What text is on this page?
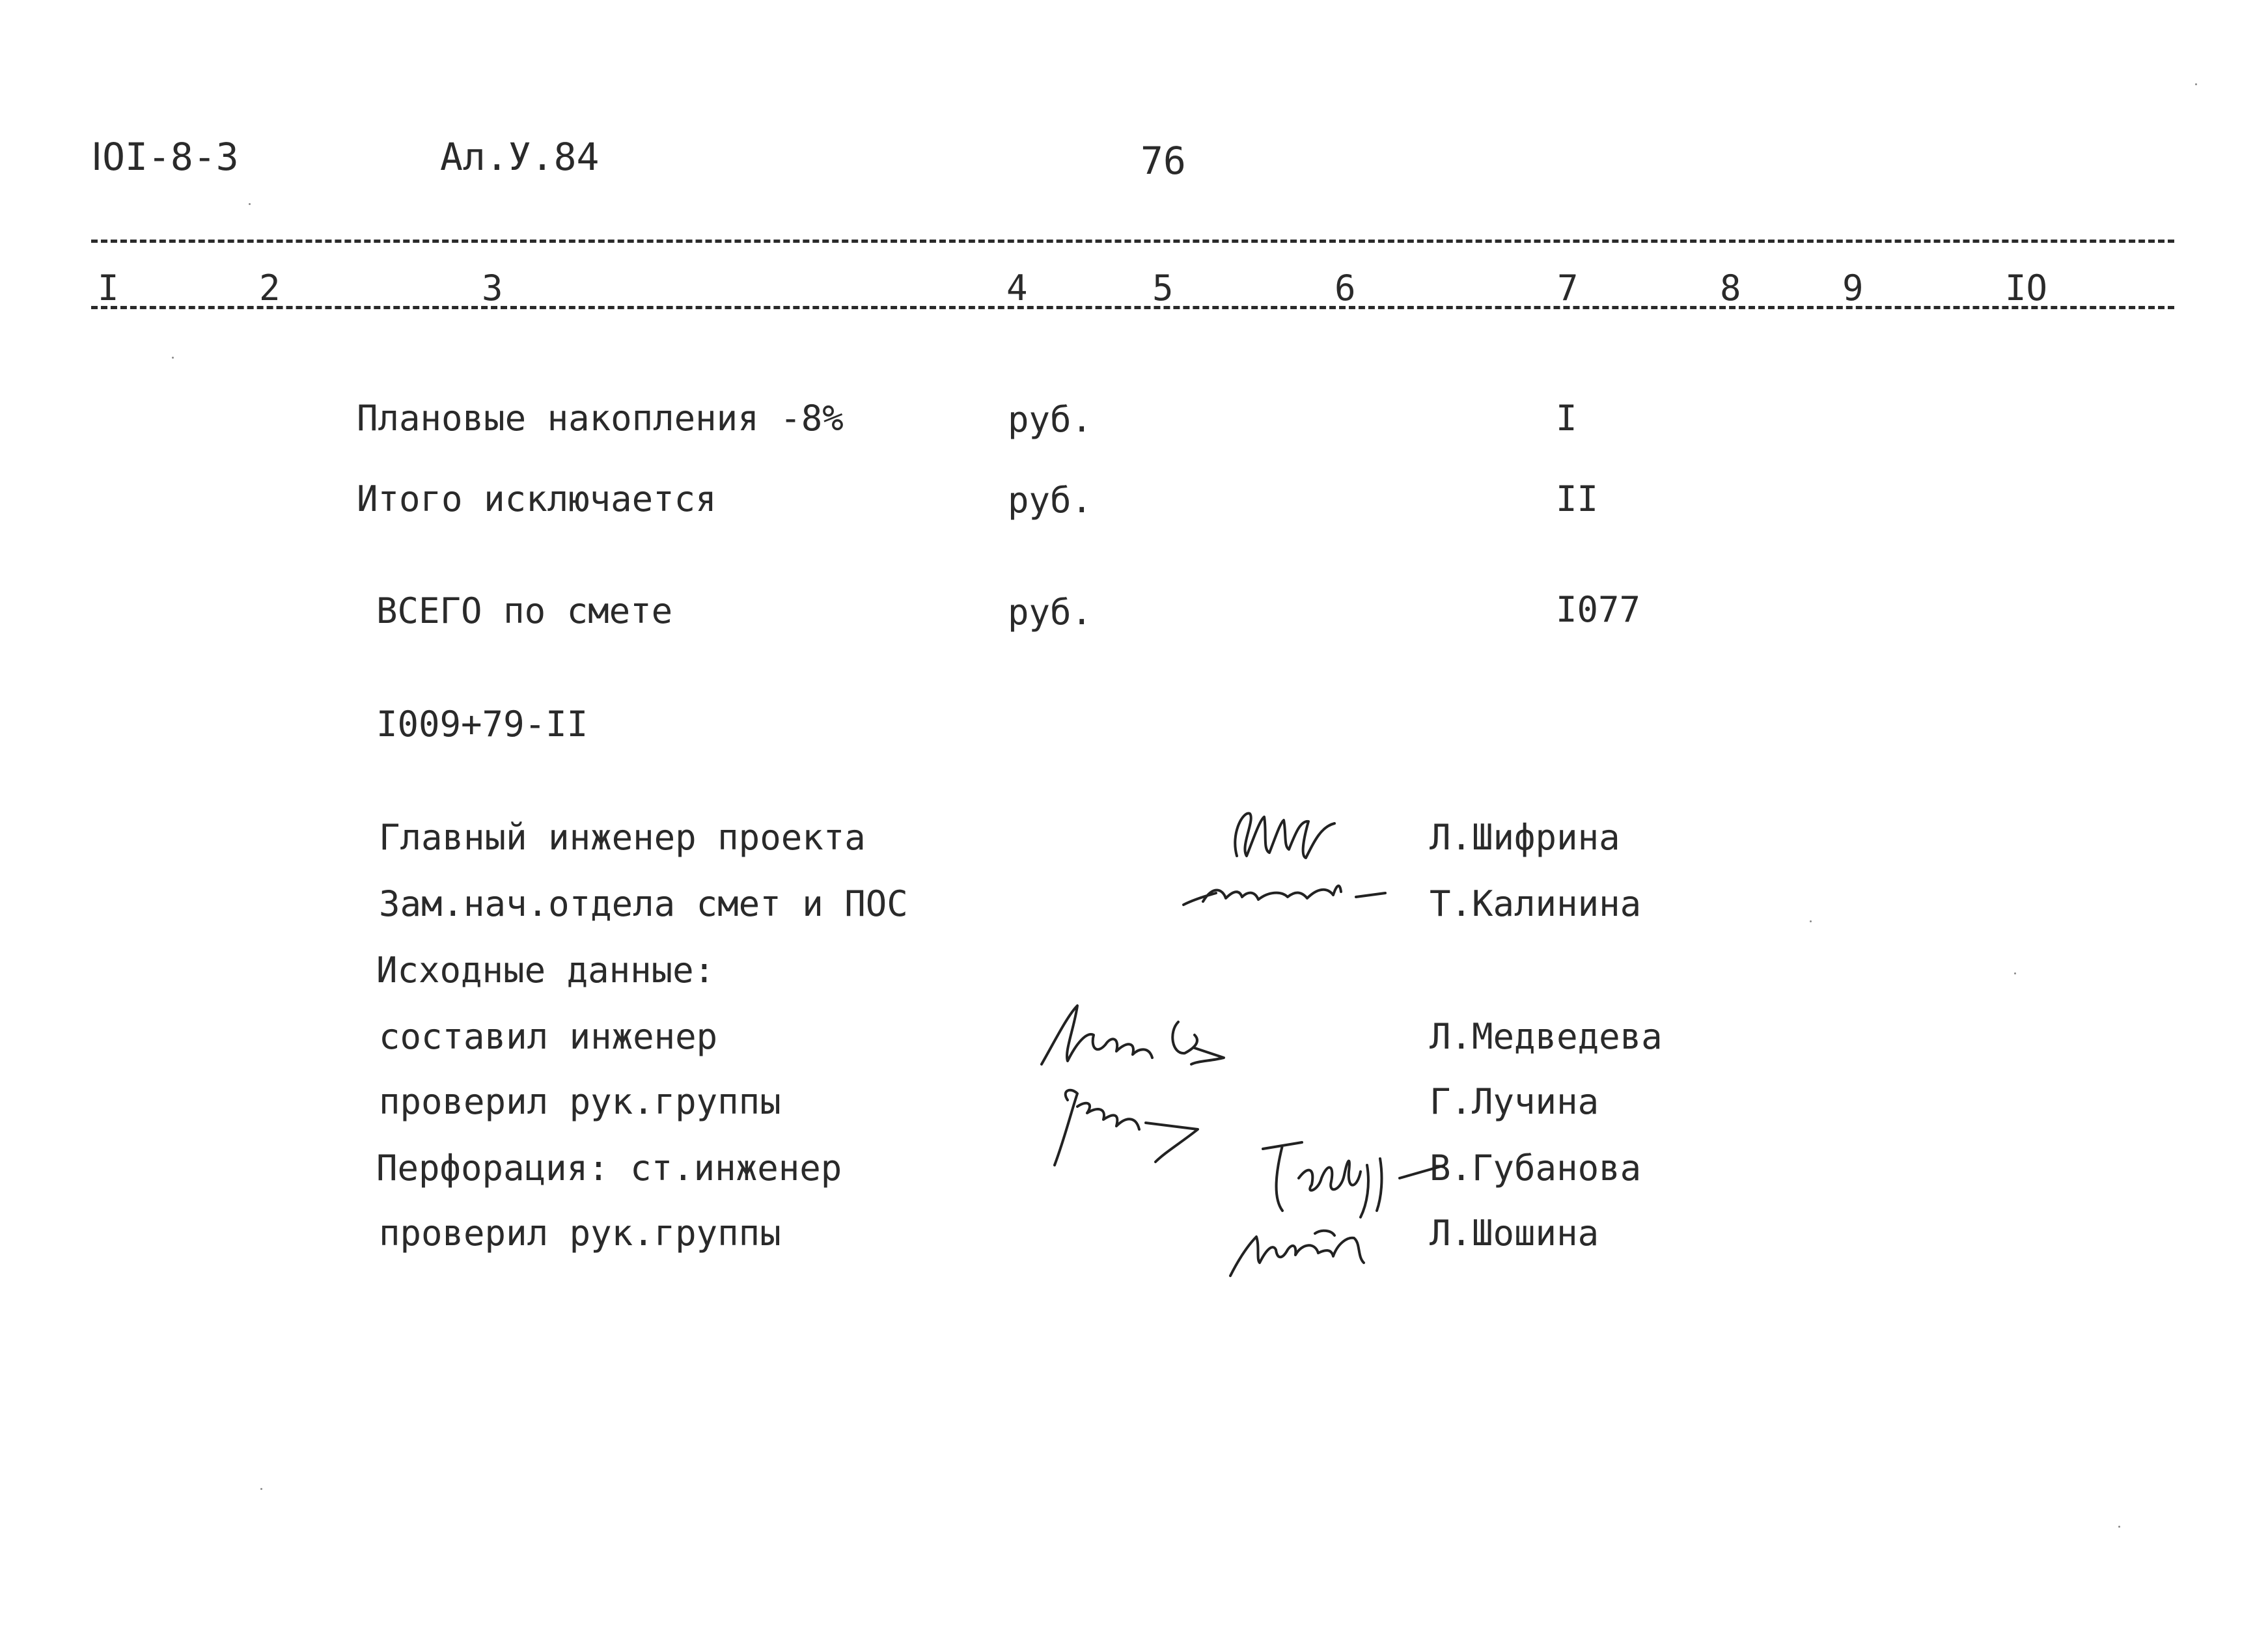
ⅠOI-8-3	Ал.У.84	76
I	2	3	4	5	6	7	8	9	IO
Плановые накопления -8%	руб.	I
Итого исключается	руб.	II
ВСЕГО по смете	руб.	I077
I009+79-II
Главный инженер проекта	Л.Шифрина
Зам.нач.отдела смет и ПОС	Т.Калинина
Исходные данные:
составил инженер	Л.Медведева
проверил рук.группы	Г.Лучина
Перфорация: ст.инженер	В.Губанова
проверил рук.группы	Л.Шошина
